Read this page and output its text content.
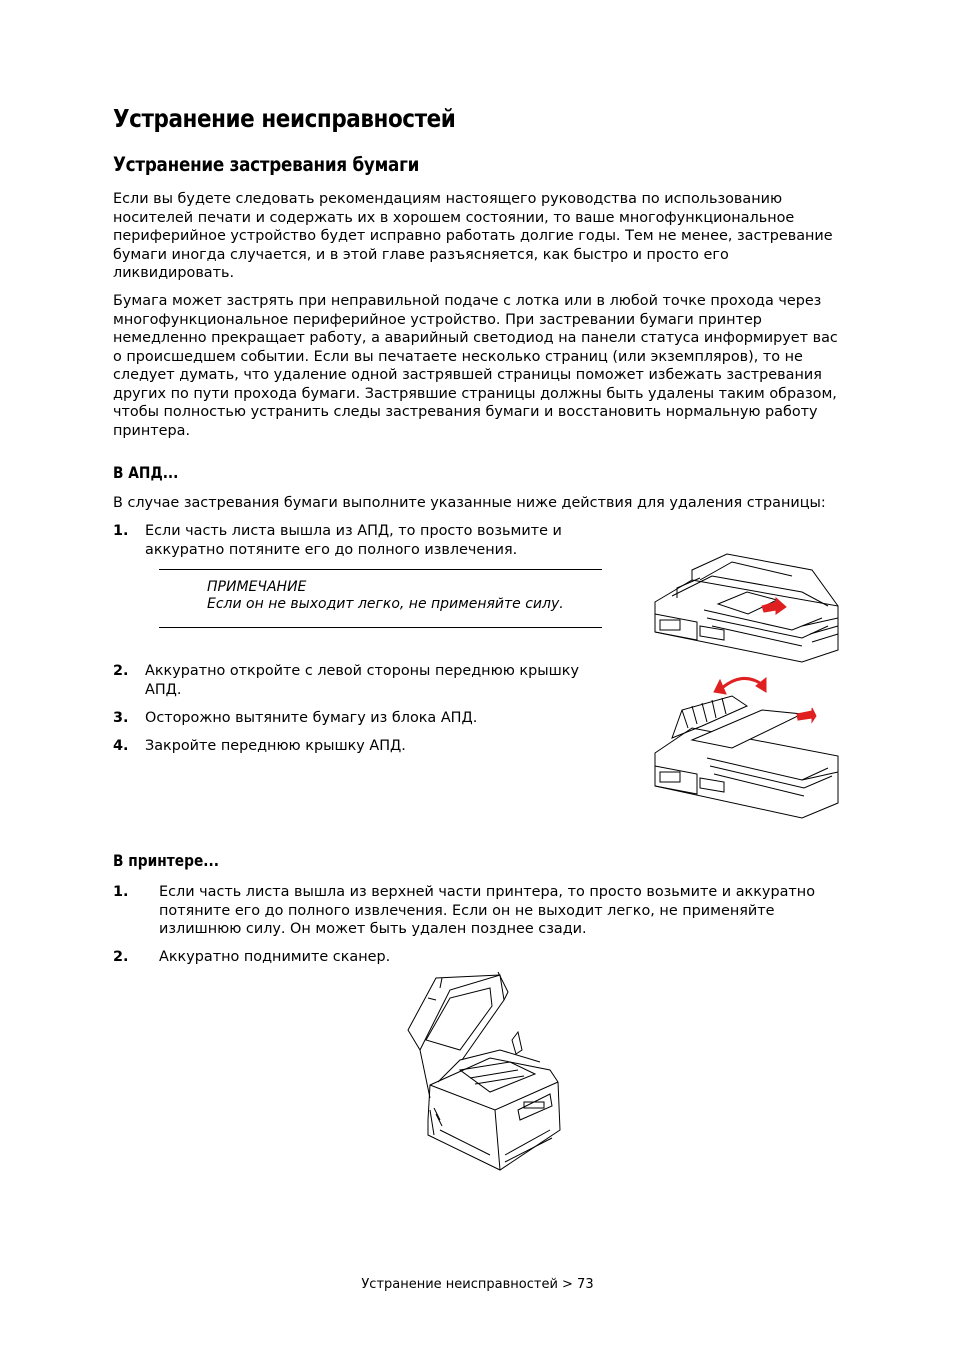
Устранение неисправностей
Устранение застревания бумаги

Если вы будете следовать рекомендациям настоящего руководства по использованию носителей печати и содержать их в хорошем состоянии, то ваше многофункциональное периферийное устройство будет исправно работать долгие годы. Тем не менее, застревание бумаги иногда случается, и в этой главе разъясняется, как быстро и просто его ликвидировать.

Бумага может застрять при неправильной подаче с лотка или в любой точке прохода через многофункциональное периферийное устройство. При застревании бумаги принтер немедленно прекращает работу, а аварийный светодиод на панели статуса информирует вас о происшедшем событии. Если вы печатаете несколько страниц (или экземпляров), то не следует думать, что удаление одной застрявшей страницы поможет избежать застревания других по пути прохода бумаги. Застрявшие страницы должны быть удалены таким образом, чтобы полностью устранить следы застревания бумаги и восстановить нормальную работу принтера.

В АПД...

В случае застревания бумаги выполните указанные ниже действия для удаления страницы:

1. Если часть листа вышла из АПД, то просто возьмите и аккуратно потяните его до полного извлечения.
ПРИМЕЧАНИЕ
Если он не выходит легко, не применяйте силу.
2. Аккуратно откройте с левой стороны переднюю крышку АПД.
3. Осторожно вытяните бумагу из блока АПД.
4. Закройте переднюю крышку АПД.
В принтере...
1. Если часть листа вышла из верхней части принтера, то просто возьмите и аккуратно потяните его до полного извлечения. Если он не выходит легко, не применяйте излишнюю силу. Он может быть удален позднее сзади.
2. Аккуратно поднимите сканер.
Устранение неисправностей > 73
